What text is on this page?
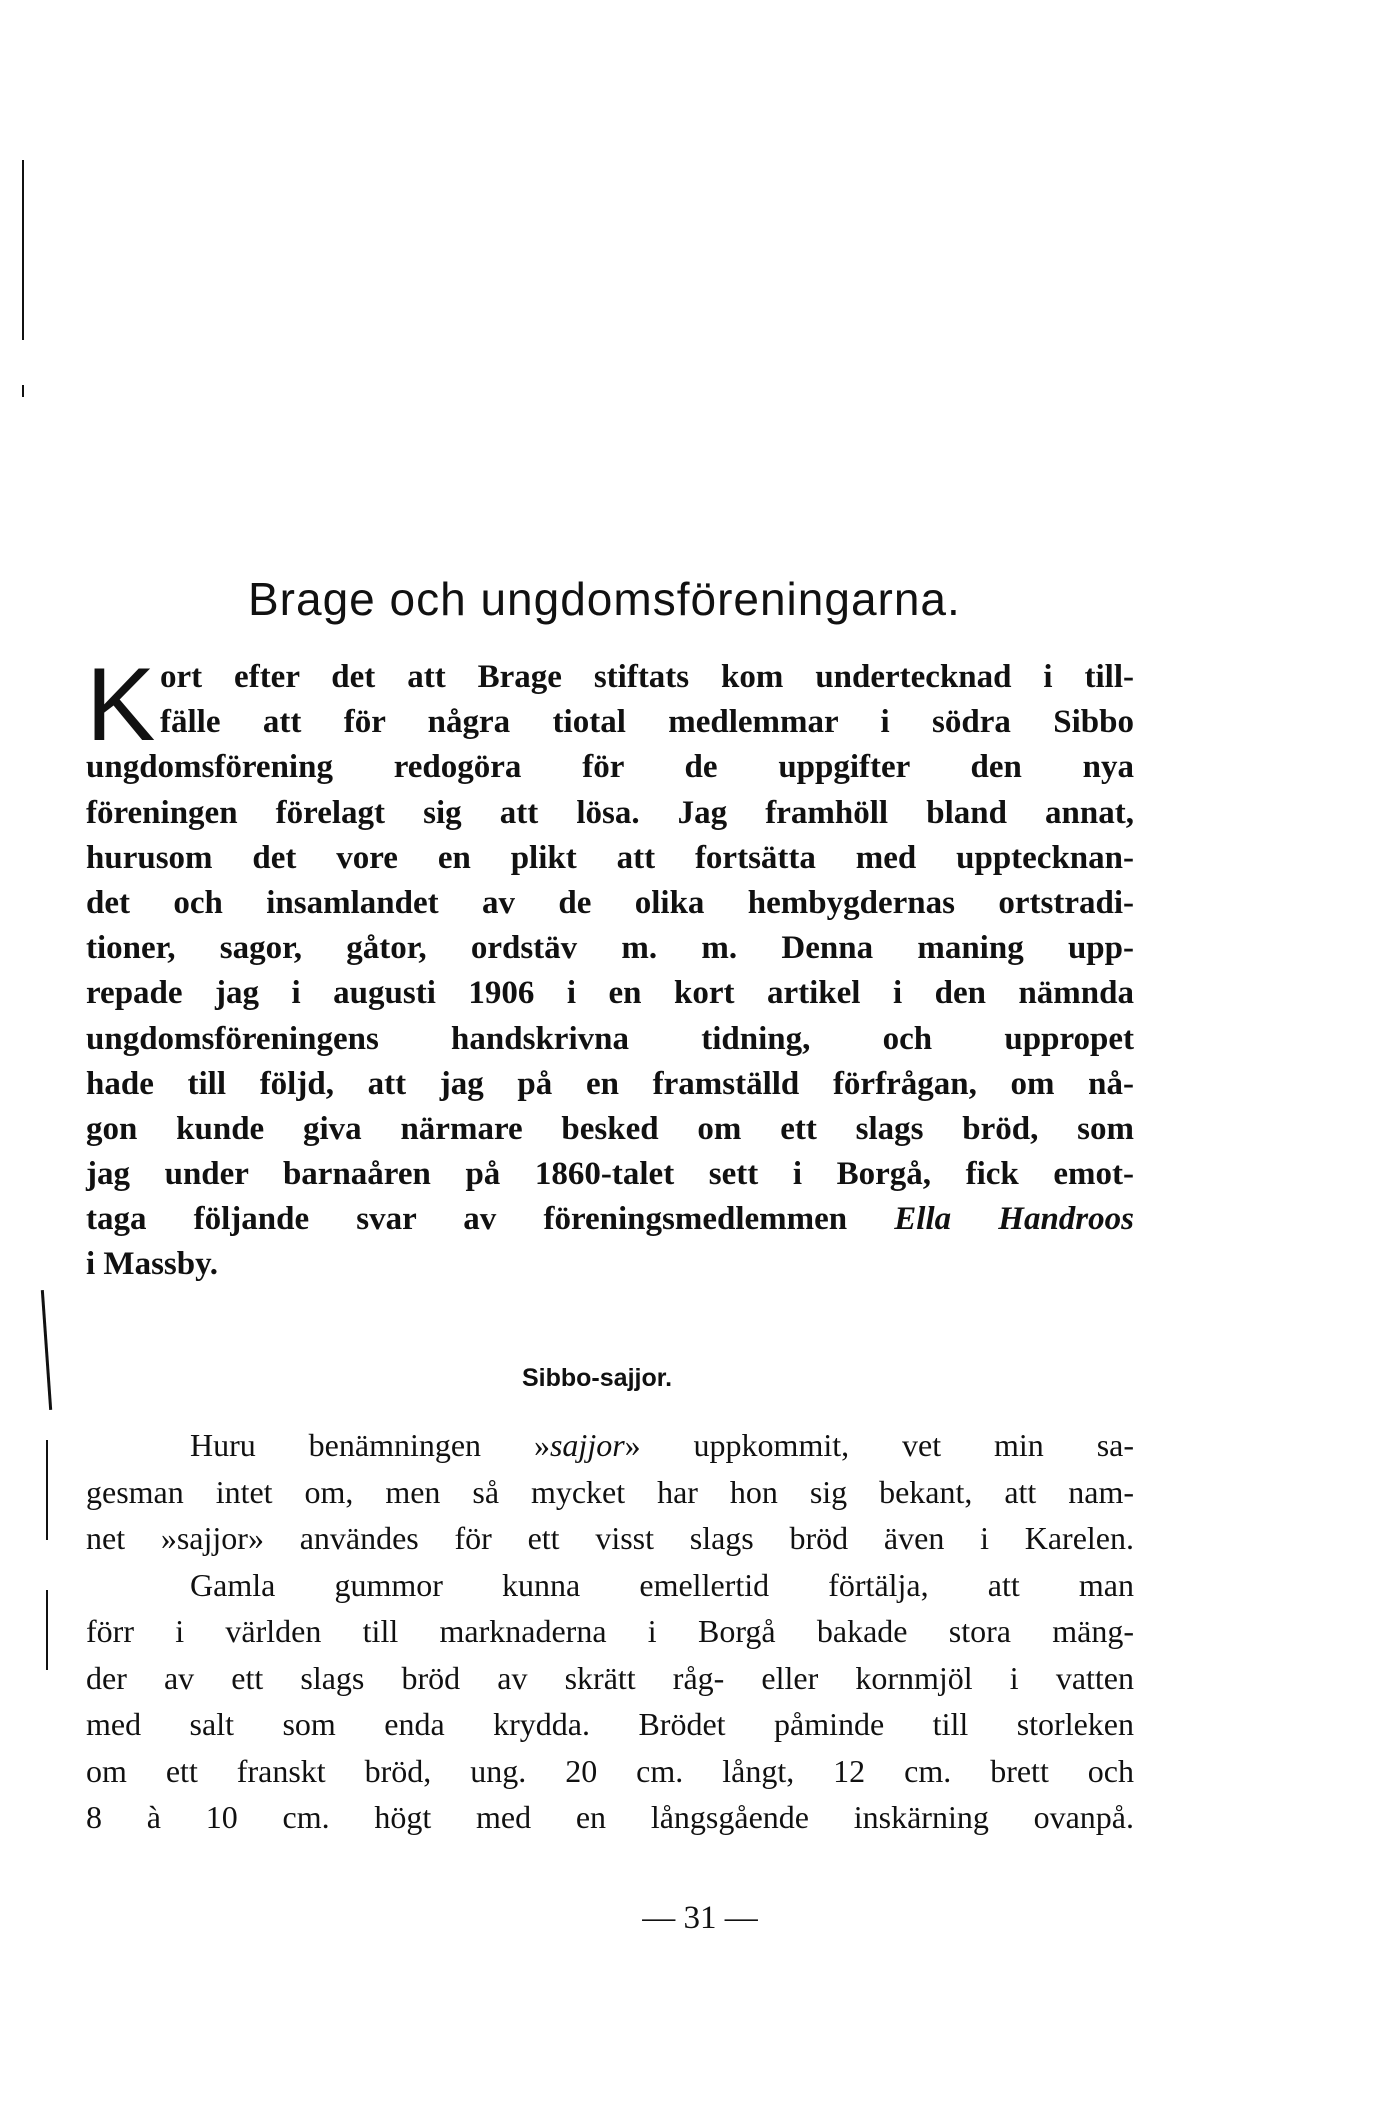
Brage och ungdomsföreningarna.
K ort efter det att Brage stiftats kom undertecknad i till-
fälle att för några tiotal medlemmar i södra Sibbo
ungdomsförening redogöra för de uppgifter den nya
föreningen förelagt sig att lösa. Jag framhöll bland annat,
hurusom det vore en plikt att fortsätta med upptecknan-
det och insamlandet av de olika hembygdernas ortstradi-
tioner, sagor, gåtor, ordstäv m. m. Denna maning upp-
repade jag i augusti 1906 i en kort artikel i den nämnda
ungdomsföreningens handskrivna tidning, och uppropet
hade till följd, att jag på en framställd förfrågan, om nå-
gon kunde giva närmare besked om ett slags bröd, som
jag under barnaåren på 1860-talet sett i Borgå, fick emot-
taga följande svar av föreningsmedlemmen Ella Handroos
i Massby.
Sibbo-sajjor.
Huru benämningen »sajjor» uppkommit, vet min sa-
gesman intet om, men så mycket har hon sig bekant, att nam-
net »sajjor» användes för ett visst slags bröd även i Karelen.
Gamla gummor kunna emellertid förtälja, att man
förr i världen till marknaderna i Borgå bakade stora mäng-
der av ett slags bröd av skrätt råg- eller kornmjöl i vatten
med salt som enda krydda. Brödet påminde till storleken
om ett franskt bröd, ung. 20 cm. långt, 12 cm. brett och
8 à 10 cm. högt med en långsgående inskärning ovanpå.

— 31 —
